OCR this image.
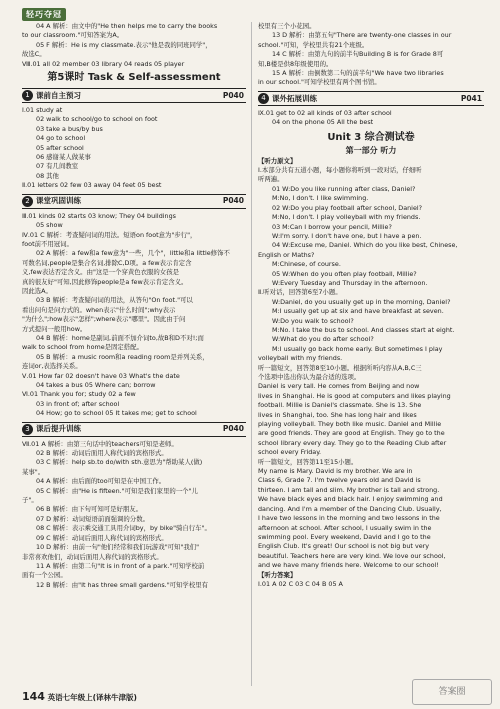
轻巧夺冠
04 A 解析：由文中的"He then helps me to carry the books
to our classroom."可知答案为A。
05 F 解析：He is my classmate.表示"他是我的同班同学"，
故选C。
Ⅷ.01 all 02 member 03 library 04 reads 05 player
第5课时 Task & Self-assessment
1 课前自主预习	P040
Ⅰ.01 study at
02 walk to school/go to school on foot
03 take a bus/by bus
04 go to school
05 after school
06 感谢某人做某事
07 有几间教室
08 其他
Ⅱ.01 letters 02 few 03 away 04 feet 05 best
2 课堂巩固训练	P040
Ⅲ.01 kinds 02 starts 03 know; They 04 buildings
05 show
Ⅳ.01 C 解析：考查疑问词的用法。短语on foot意为"步行"，
foot前不用冠词。
02 A 解析：a few和a few意为"一些，几个"，little和a little修饰不
可数名词,people是集合名词,排除C,D项。a few表示肯定含
义,few表达否定含义。由"这是一个穿黄色衣服的女孩是
真的很友好"可知,因此修饰people是a few表示肯定含义。
因此选A。
03 B 解析：考查疑问词的用法，从答句"On foot."可以
看出问句是问方式的。when表示"什么时间";why表示
"为什么";how表示"怎样";where表示"哪里"。因此由于问
方式提问一般用how。
04 B 解析：home是副词,前面不加介词to,故B和D不对!;而
walk to school from home是固定搭配。
05 B 解析：a music room和a reading room是并列关系，
连词or,表选择关系。
Ⅴ.01 How far 02 doesn't have 03 What's the date
04 takes a bus 05 Where can; borrow
Ⅵ.01 Thank you for; study 02 a few
03 in front of; after school
04 How; go to school 05 It takes me; get to school
3 课后提升训练	P040
Ⅶ.01 A 解析：由第三句话中的teachers可知是老师。
02 B 解析：动词后面用人称代词的宾格形式。
03 C 解析：help sb.to do/with sth.意思为"帮助某人(做)
某事"。
04 A 解析：由后面的too可知是在中国工作。
05 C 解析：由"He is fifteen."可知是我们家里的一个"儿
子"。
06 B 解析：由下句可知可是好朋友。
07 D 解析：动词短语前面强调的分数。
08 C 解析：表示乘交通工具用介词by，by bike"骑自行车"。
09 C 解析：动词后面用人称代词的宾格形式。
10 D 解析：由前一句"他们经常和我们玩游戏"可知"我们"
非常喜欢他们，动词后面用人称代词的宾格形式。
11 A 解析：由第二句"It is in front of a park."可知学校前
面有一个公园。
12 B 解析：由"It has three small gardens."可知学校里有
校里有三个小花园。
13 D 解析：由第五句"There are twenty-one classes in our
school."可知，学校里共有21个班级。
14 C 解析：由第九句的前半句Building B is for Grade 8可
知,B楼是供8年级使用的。
15 A 解析：由倒数第二句的前半句"We have two libraries
in our school."可知学校里有两个图书馆。
4 课外拓展训练	P041
Ⅸ.01 get to 02 all kinds of 03 after school
04 on the phone 05 All the best
Unit 3 综合测试卷
第一部分 听力
【听力原文】
Ⅰ.本部分共有五道小题，每小题你将听到一段对话，仔细听
听两遍。
01 W:Do you like running after class, Daniel?
M:No, I don't. I like swimming.
02 W:Do you play football after school, Daniel?
M:No, I don't. I play volleyball with my friends.
03 M:Can I borrow your pencil, Millie?
W:I'm sorry. I don't have one, but I have a pen.
04 W:Excuse me, Daniel. Which do you like best, Chinese,
English or Maths?
M:Chinese, of course.
05 W:When do you often play football, Millie?
W:Every Tuesday and Thursday in the afternoon.
Ⅱ.听对话，回答第6至7小题。
W:Daniel, do you usually get up in the morning, Daniel?
M:I usually get up at six and have breakfast at seven.
W:Do you walk to school?
M:No. I take the bus to school. And classes start at eight.
W:What do you do after school?
M:I usually go back home early. But sometimes I play
volleyball with my friends.
听一篇短文，回答第8至10小题。根据所听内容从A,B,C三
个选项中选出你认为最合适的选项。
Daniel is very tall. He comes from Beijing and now
lives in Shanghai. He is good at computers and likes playing
football. Millie is Daniel's classmate. She is 13. She
lives in Shanghai, too. She has long hair and likes
playing volleyball. They both like music. Daniel and Millie
are good friends. They are good at English. They go to the
school library every day. They go to the Reading Club after
school every Friday.
听一篇短文，回答第11至15小题。
My name is Mary. David is my brother. We are in
Class 6, Grade 7. I'm twelve years old and David is
thirteen. I am tall and slim. My brother is tall and strong.
We have black eyes and black hair. I enjoy swimming and
dancing. And I'm a member of the Dancing Club. Usually,
I have two lessons in the morning and two lessons in the
afternoon at school. After school, I usually swim in the
swimming pool. Every weekend, David and I go to the
English Club. It's great! Our school is not big but very
beautiful. Teachers here are very kind. We love our school,
and we have many friends here. Welcome to our school!
【听力答案】
Ⅰ.01 A 02 C 03 C 04 B 05 A
144 英语七年级上(译林牛津版)
答案圈
